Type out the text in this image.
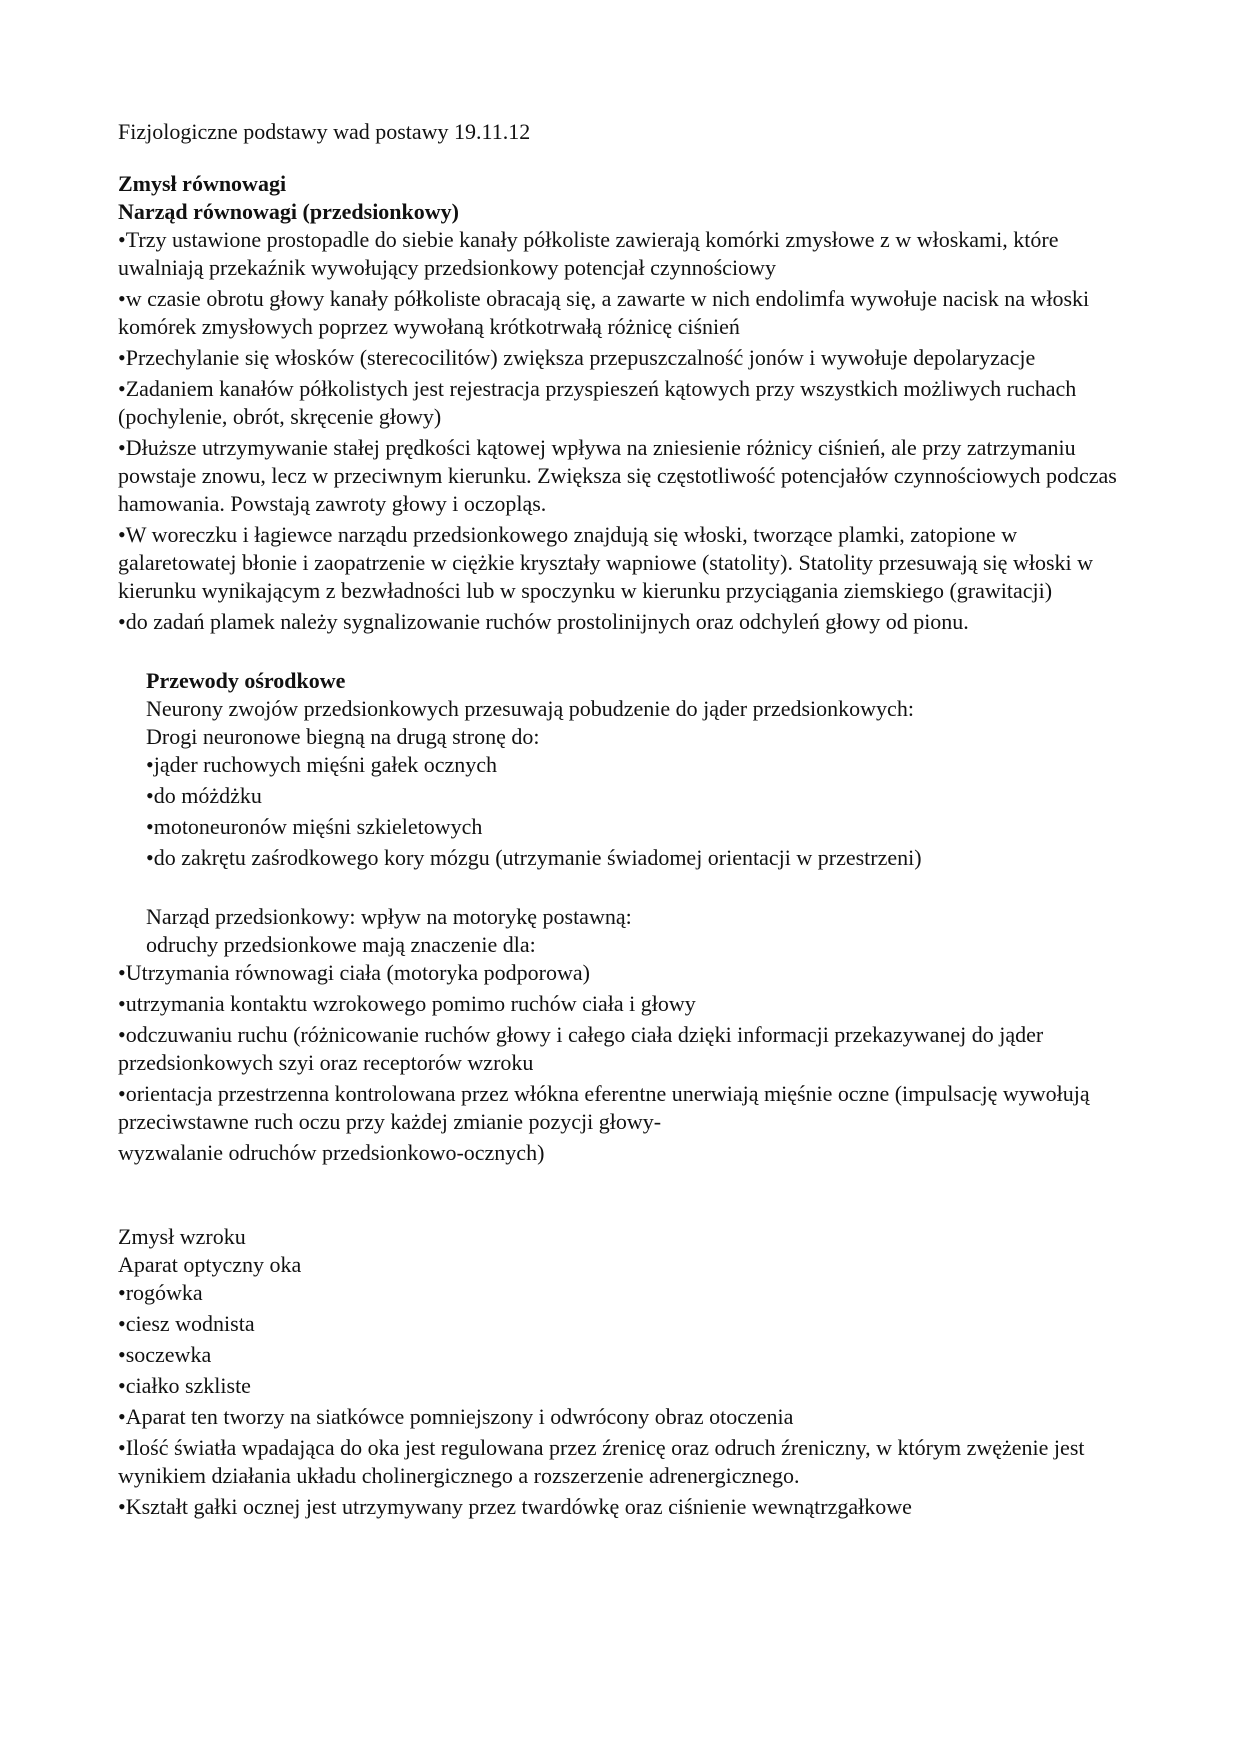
Fizjologiczne podstawy wad postawy 19.11.12

Zmysł równowagi

Narząd równowagi (przedsionkowy)

•Trzy ustawione prostopadle do siebie kanały półkoliste zawierają komórki zmysłowe z w włoskami, które uwalniają przekaźnik wywołujący przedsionkowy potencjał czynnościowy
•w czasie obrotu głowy kanały półkoliste obracają się, a zawarte w nich endolimfa wywołuje nacisk na włoski komórek zmysłowych poprzez wywołaną krótkotrwałą różnicę ciśnień
•Przechylanie się włosków (sterecocilitów) zwiększa przepuszczalność jonów i wywołuje depolaryzacje
•Zadaniem kanałów półkolistych jest rejestracja przyspieszeń kątowych przy wszystkich możliwych ruchach (pochylenie, obrót, skręcenie głowy)
•Dłuższe utrzymywanie stałej prędkości kątowej wpływa na zniesienie różnicy ciśnień, ale przy zatrzymaniu powstaje znowu, lecz w przeciwnym kierunku. Zwiększa się częstotliwość potencjałów czynnościowych podczas hamowania. Powstają zawroty głowy i oczopląs.
•W woreczku i łagiewce narządu przedsionkowego znajdują się włoski, tworzące plamki, zatopione w galaretowatej błonie i zaopatrzenie w ciężkie kryształy wapniowe (statolity). Statolity przesuwają się włoski w kierunku wynikającym z bezwładności lub w spoczynku w kierunku przyciągania ziemskiego (grawitacji)
•do zadań plamek należy sygnalizowanie ruchów prostolinijnych oraz odchyleń głowy od pionu.

Przewody ośrodkowe

Neurony zwojów przedsionkowych przesuwają pobudzenie do jąder przedsionkowych:

Drogi neuronowe biegną na drugą stronę do:

•jąder ruchowych mięśni gałek ocznych
•do móżdżku
•motoneuronów mięśni szkieletowych
•do zakrętu zaśrodkowego kory mózgu (utrzymanie świadomej orientacji w przestrzeni)

Narząd przedsionkowy: wpływ na motorykę postawną:

odruchy przedsionkowe mają znaczenie dla:

•Utrzymania równowagi ciała (motoryka podporowa)
•utrzymania kontaktu wzrokowego pomimo ruchów ciała i głowy
•odczuwaniu ruchu (różnicowanie ruchów głowy i całego ciała dzięki informacji przekazywanej do jąder przedsionkowych szyi oraz receptorów wzroku
•orientacja przestrzenna kontrolowana przez włókna eferentne unerwiają mięśnie oczne (impulsację wywołują przeciwstawne ruch oczu przy każdej zmianie pozycji głowy-

wyzwalanie odruchów przedsionkowo-ocznych)

Zmysł wzroku

Aparat optyczny oka

•rogówka
•ciesz wodnista
•soczewka
•ciałko szkliste
•Aparat ten tworzy na siatkówce pomniejszony i odwrócony obraz otoczenia
•Ilość światła wpadająca do oka jest regulowana przez źrenicę oraz odruch źreniczny, w którym zwężenie jest wynikiem działania układu cholinergicznego a rozszerzenie adrenergicznego.
•Kształt gałki ocznej jest utrzymywany przez twardówkę oraz ciśnienie wewnątrzgałkowe
